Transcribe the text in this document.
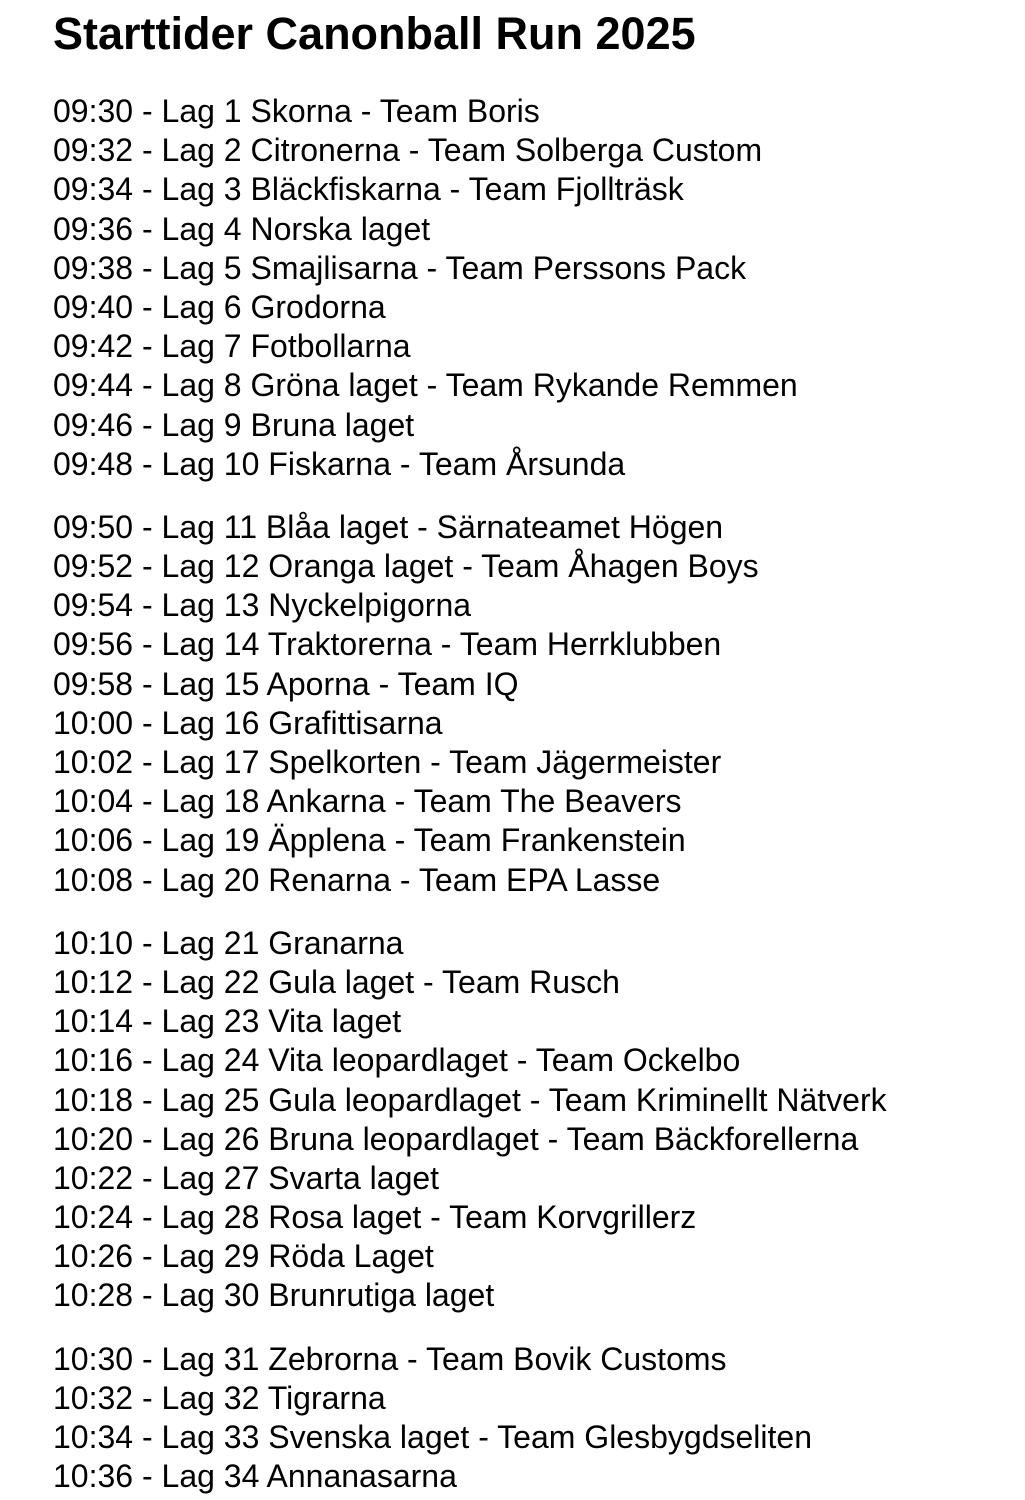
Starttider Canonball Run 2025
09:30 - Lag 1 Skorna - Team Boris
09:32 - Lag 2 Citronerna - Team Solberga Custom
09:34 - Lag 3 Bläckfiskarna - Team Fjollträsk
09:36 - Lag 4 Norska laget
09:38 - Lag 5 Smajlisarna - Team Perssons Pack
09:40 - Lag 6 Grodorna
09:42 - Lag 7 Fotbollarna
09:44 - Lag 8 Gröna laget - Team Rykande Remmen
09:46 - Lag 9 Bruna laget
09:48 - Lag 10 Fiskarna - Team Årsunda
09:50 - Lag 11 Blåa laget - Särnateamet Högen
09:52 - Lag 12 Oranga laget - Team Åhagen Boys
09:54 - Lag 13 Nyckelpigorna
09:56 - Lag 14 Traktorerna - Team Herrklubben
09:58 - Lag 15 Aporna - Team IQ
10:00 - Lag 16 Grafittisarna
10:02 - Lag 17 Spelkorten - Team Jägermeister
10:04 - Lag 18 Ankarna - Team The Beavers
10:06 - Lag 19 Äpplena - Team Frankenstein
10:08 - Lag 20 Renarna - Team EPA Lasse
10:10 - Lag 21 Granarna
10:12 - Lag 22 Gula laget - Team Rusch
10:14 - Lag 23 Vita laget
10:16 - Lag 24 Vita leopardlaget - Team Ockelbo
10:18 - Lag 25 Gula leopardlaget - Team Kriminellt Nätverk
10:20 - Lag 26 Bruna leopardlaget - Team Bäckforellerna
10:22 - Lag 27 Svarta laget
10:24 - Lag 28 Rosa laget - Team Korvgrillerz
10:26 - Lag 29 Röda Laget
10:28 - Lag 30 Brunrutiga laget
10:30 - Lag 31 Zebrorna - Team Bovik Customs
10:32 - Lag 32 Tigrarna
10:34 - Lag 33 Svenska laget - Team Glesbygdseliten
10:36 - Lag 34 Annanasarna
